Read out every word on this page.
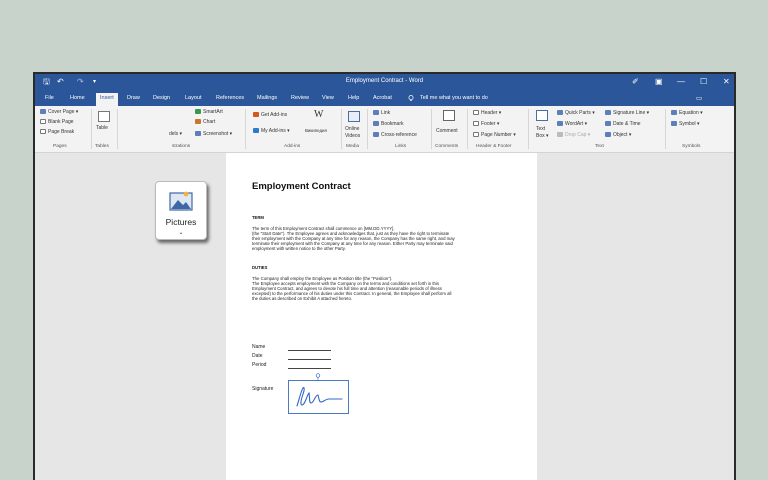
🖫 ↶ ↷ ▾	Employment Contract - Word	✐ ▣ — ☐ ✕
File	Home	Insert	Draw Design	Layout	References Mailings	Review View	Help Acrobat	Tell me what you want to do	▭
Cover Page ▾
Blank Page
Page Break
Pages
Table
Tables
dels ▾
SmartArt
Chart
Screenshot ▾
strations
Get Add-ins
My Add-ins ▾
W
Википедия
Add-ins
Online
Videos
Media
Link
Bookmark
Cross-reference
Links
Comment
Comments
Header ▾
Footer ▾
Page Number ▾
Header & Footer
Text
Box ▾
Quick Parts ▾
WordArt ▾
Drop Cap ▾
Signature Line ▾
Date & Time
Object ▾
Text
Equation ▾
Symbol ▾
Symbols
Pictures
⌄
Employment Contract
TERM
The term of this Employment Contract shall commence on [MM.DD.YYYY].
(the "Start Date"). The Employee agrees and acknowledges that, just as they have the right to terminate
their employment with the Company at any time for any reason, the Company has the same right, and may
terminate their employment with the Company at any time for any reason. Either Party may terminate said
employment with written notice to the other Party.
DUTIES
The Company shall employ the Employee as Position title (the "Position").
The Employee accepts employment with the Company on the terms and conditions set forth in this
Employment Contract, and agrees to devote his full time and attention (reasonable periods of illness
excepted) to the performance of his duties under this Contract. In general, the Employee shall perform all
the duties as described on Exhibit A attached hereto.
Name
Date
Period
Signature
